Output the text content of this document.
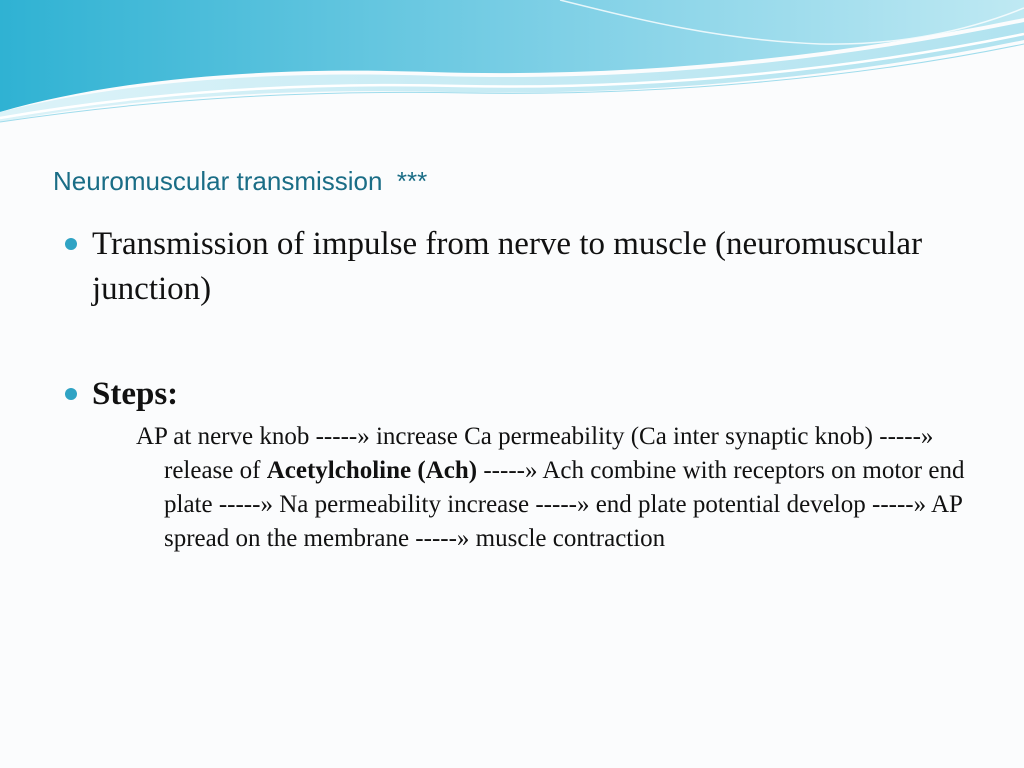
Neuromuscular transmission  ***
Transmission of impulse from nerve to muscle (neuromuscular junction)
Steps:
AP at nerve knob -----» increase Ca permeability (Ca inter synaptic knob) -----» release of Acetylcholine (Ach) -----» Ach combine with receptors on motor end plate -----» Na permeability increase -----» end plate potential develop -----» AP spread on the membrane -----» muscle contraction
